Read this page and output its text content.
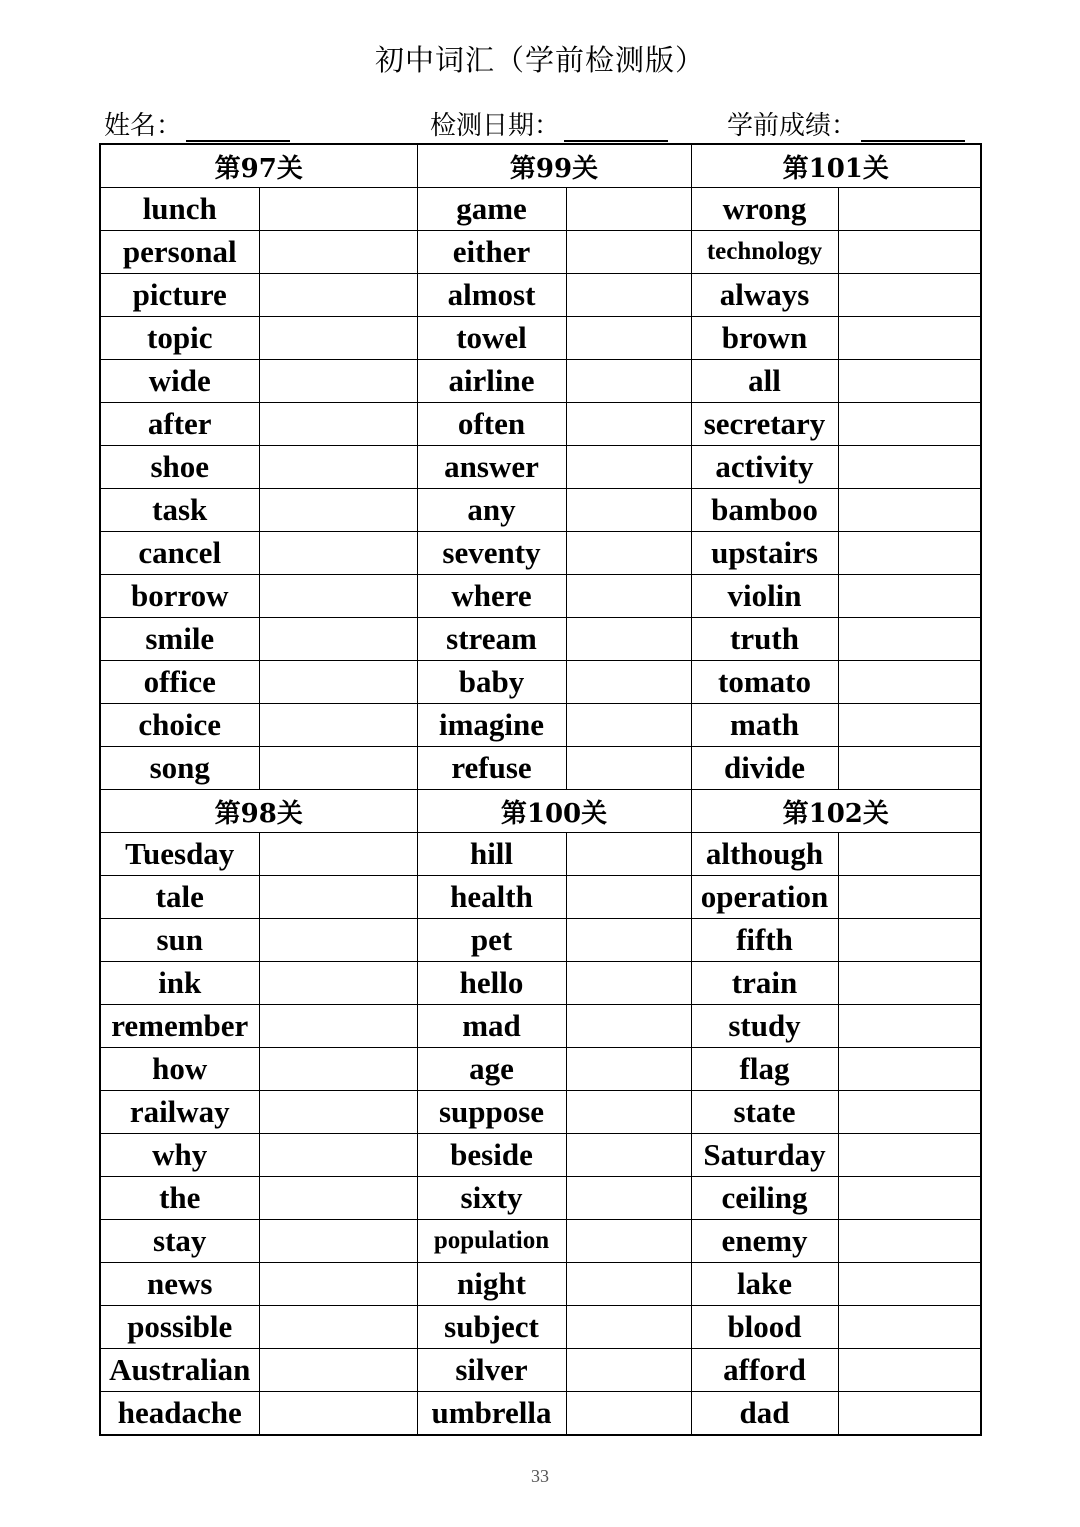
初中词汇（学前检测版）
姓名：	检测日期：	学前成绩：
第97关		第99关		第101关	
lunch		game		wrong	
personal		either		technology	
picture		almost		always	
topic		towel		brown	
wide		airline		all	
after		often		secretary	
shoe		answer		activity	
task		any		bamboo	
cancel		seventy		upstairs	
borrow		where		violin	
smile		stream		truth	
office		baby		tomato	
choice		imagine		math	
song		refuse		divide	
第98关		第100关		第102关	
Tuesday		hill		although	
tale		health		operation	
sun		pet		fifth	
ink		hello		train	
remember		mad		study	
how		age		flag	
railway		suppose		state	
why		beside		Saturday	
the		sixty		ceiling	
stay		population		enemy	
news		night		lake	
possible		subject		blood	
Australian		silver		afford	
headache		umbrella		dad	
33
